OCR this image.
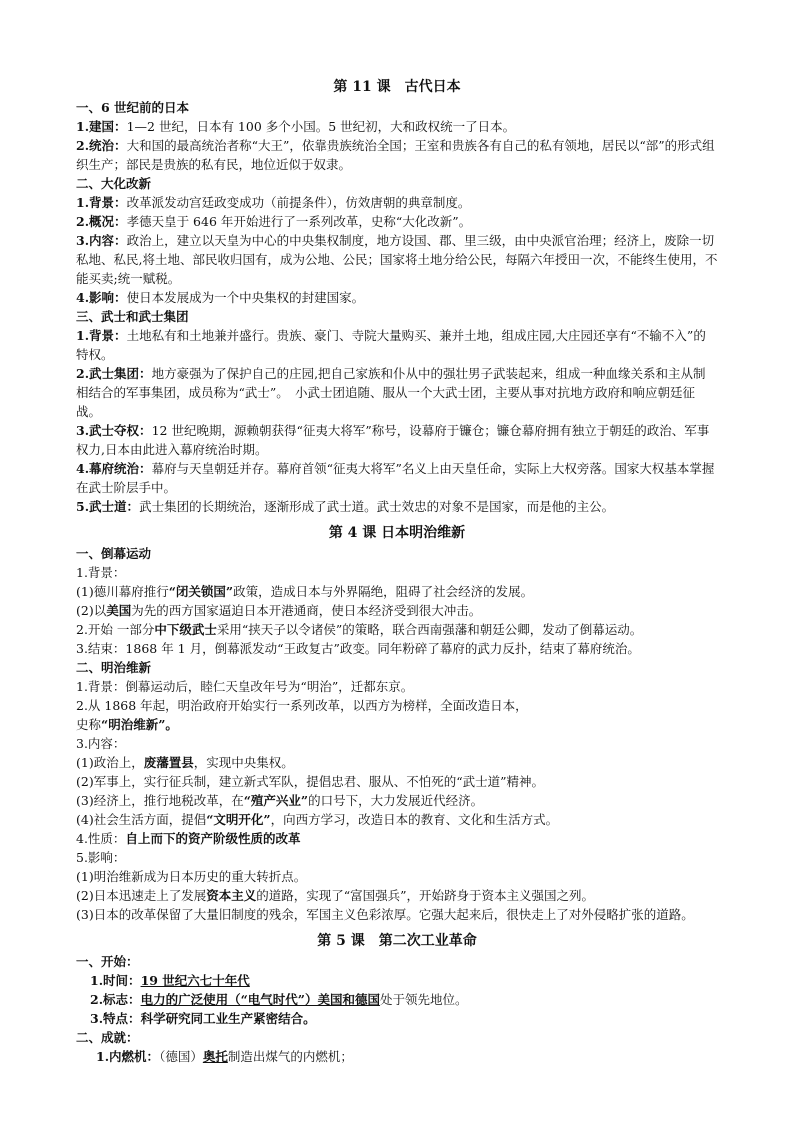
第 11 课　古代日本
一、6 世纪前的日本
1.建国：1—2 世纪，日本有 100 多个小国。5 世纪初，大和政权统一了日本。
2.统治：大和国的最高统治者称“大王”，依靠贵族统治全国；王室和贵族各有自己的私有领地，居民以“部”的形式组织生产；部民是贵族的私有民，地位近似于奴隶。
二、大化改新
1.背景：改革派发动宫廷政变成功（前提条件），仿效唐朝的典章制度。
2.概况：孝德天皇于 646 年开始进行了一系列改革，史称“大化改新”。
3.内容：政治上，建立以天皇为中心的中央集权制度，地方设国、郡、里三级，由中央派官治理；经济上，废除一切私地、私民,将土地、部民收归国有，成为公地、公民；国家将土地分给公民，每隔六年授田一次，不能终生使用，不能买卖;统一赋税。
4.影响：使日本发展成为一个中央集权的封建国家。
三、武士和武士集团
1.背景：土地私有和土地兼并盛行。贵族、豪门、寺院大量购买、兼并土地，组成庄园,大庄园还享有“不输不入”的特权。
2.武士集团：地方豪强为了保护自己的庄园,把自己家族和仆从中的强壮男子武装起来，组成一种血缘关系和主从制相结合的军事集团，成员称为“武士”。　小武士团追随、服从一个大武士团，主要从事对抗地方政府和响应朝廷征战。
3.武士夺权：12 世纪晚期，源赖朝获得“征夷大将军”称号，设幕府于镰仓；镰仓幕府拥有独立于朝廷的政治、军事权力,日本由此进入幕府统治时期。
4.幕府统治：幕府与天皇朝廷并存。幕府首领“征夷大将军”名义上由天皇任命，实际上大权旁落。国家大权基本掌握在武士阶层手中。
5.武士道：武士集团的长期统治，逐渐形成了武士道。武士效忠的对象不是国家，而是他的主公。
第 4 课 日本明治维新
一、倒幕运动
1.背景：
(1)德川幕府推行“闭关锁国”政策，造成日本与外界隔绝，阻碍了社会经济的发展。
(2)以美国为先的西方国家逼迫日本开港通商，使日本经济受到很大冲击。
2.开始 一部分中下级武士采用“挟天子以令诸侯”的策略，联合西南强藩和朝廷公卿，发动了倒幕运动。
3.结束：1868 年 1 月，倒幕派发动“王政复古”政变。同年粉碎了幕府的武力反扑，结束了幕府统治。
二、明治维新
1.背景：倒幕运动后，睦仁天皇改年号为“明治”，迁都东京。
2.从 1868 年起，明治政府开始实行一系列改革，以西方为榜样，全面改造日本，
史称“明治维新”。
3.内容：
(1)政治上，废藩置县，实现中央集权。
(2)军事上，实行征兵制，建立新式军队，提倡忠君、服从、不怕死的“武士道”精神。
(3)经济上，推行地税改革，在“殖产兴业”的口号下，大力发展近代经济。
(4)社会生活方面，提倡“文明开化”，向西方学习，改造日本的教育、文化和生活方式。
4.性质：自上而下的资产阶级性质的改革
5.影响：
(1)明治维新成为日本历史的重大转折点。
(2)日本迅速走上了发展资本主义的道路，实现了“富国强兵”，开始跻身于资本主义强国之列。
(3)日本的改革保留了大量旧制度的残余，军国主义色彩浓厚。它强大起来后，很快走上了对外侵略扩张的道路。
第 5 课　第二次工业革命
一、开始：
1.时间：19 世纪六七十年代
2.标志：电力的广泛使用（“电气时代”）美国和德国处于领先地位。
3.特点：科学研究同工业生产紧密结合。
二、成就：
1.内燃机：（德国）奥托制造出煤气的内燃机；
